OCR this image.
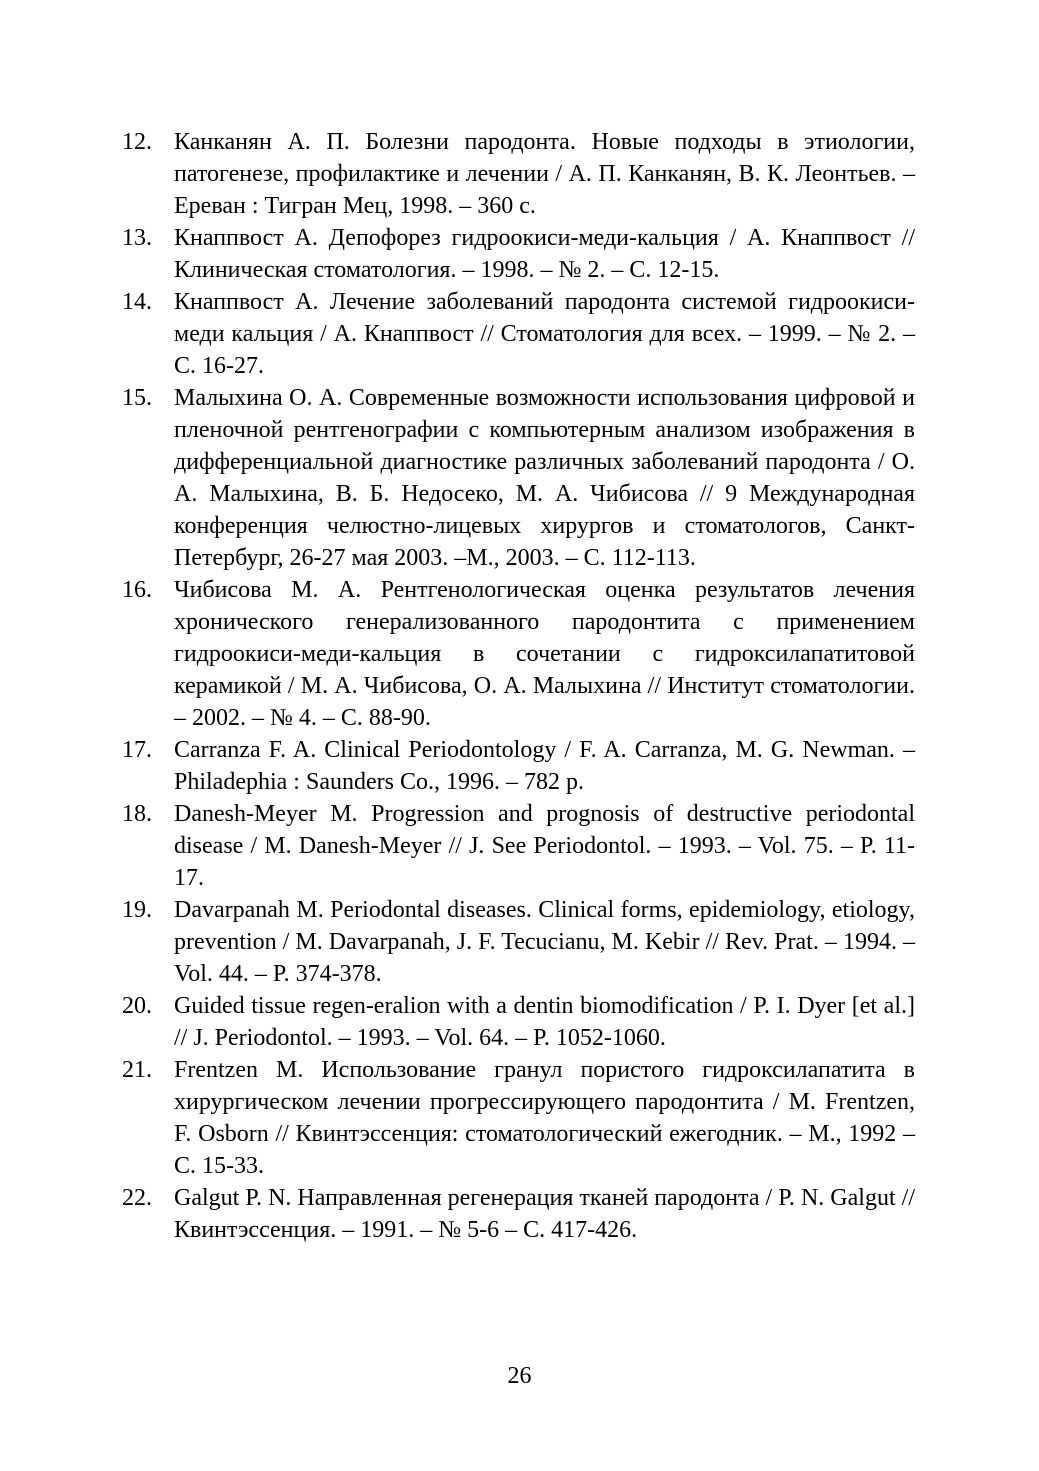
12. Канканян А. П. Болезни пародонта. Новые подходы в этиологии, патогенезе, профилактике и лечении / А. П. Канканян, В. К. Леонтьев. – Ереван : Тигран Мец, 1998. – 360 с.
13. Кнаппвост А. Депофорез гидроокиси-меди-кальция / А. Кнаппвост // Клиническая стоматология. – 1998. – № 2. – С. 12-15.
14. Кнаппвост А. Лечение заболеваний пародонта системой гидроокиси-меди кальция / А. Кнаппвост // Стоматология для всех. – 1999. – № 2. – С. 16-27.
15. Малыхина О. А. Современные возможности использования цифровой и пленочной рентгенографии с компьютерным анализом изображения в дифференциальной диагностике различных заболеваний пародонта / О. А. Малыхина, В. Б. Недосеко, М. А. Чибисова // 9 Международная конференция челюстно-лицевых хирургов и стоматологов, Санкт-Петербург, 26-27 мая 2003. –М., 2003. – С. 112-113.
16. Чибисова М. А. Рентгенологическая оценка результатов лечения хронического генерализованного пародонтита с применением гидроокиси-меди-кальция в сочетании с гидроксилапатитовой керамикой / М. А. Чибисова, О. А. Малыхина // Институт стоматологии. – 2002. – № 4. – С. 88-90.
17. Carranza F. A. Clinical Periodontology / F. A. Carranza, M. G. Newman. – Philadephia : Saunders Co., 1996. – 782 p.
18. Danesh-Meyer M. Progression and prognosis of destructive periodontal disease / M. Danesh-Meyer // J. See Periodontol. – 1993. – Vol. 75. – P. 11-17.
19. Davarpanah M. Periodontal diseases. Clinical forms, epidemiology, etiology, prevention / M. Davarpanah, J. F. Tecucianu, M. Kebir // Rev. Prat. – 1994. – Vol. 44. – P. 374-378.
20. Guided tissue regen-eralion with a dentin biomodification / P. I. Dyer [et al.] // J. Periodontol. – 1993. – Vol. 64. – P. 1052-1060.
21. Frentzen M. Использование гранул пористого гидроксилапатита в хирургическом лечении прогрессирующего пародонтита / M. Frentzen, F. Osborn // Квинтэссенция: стоматологический ежегодник. – М., 1992 – С. 15-33.
22. Galgut P. N. Направленная регенерация тканей пародонта / P. N. Galgut // Квинтэссенция. – 1991. – № 5-6 – С. 417-426.
26
